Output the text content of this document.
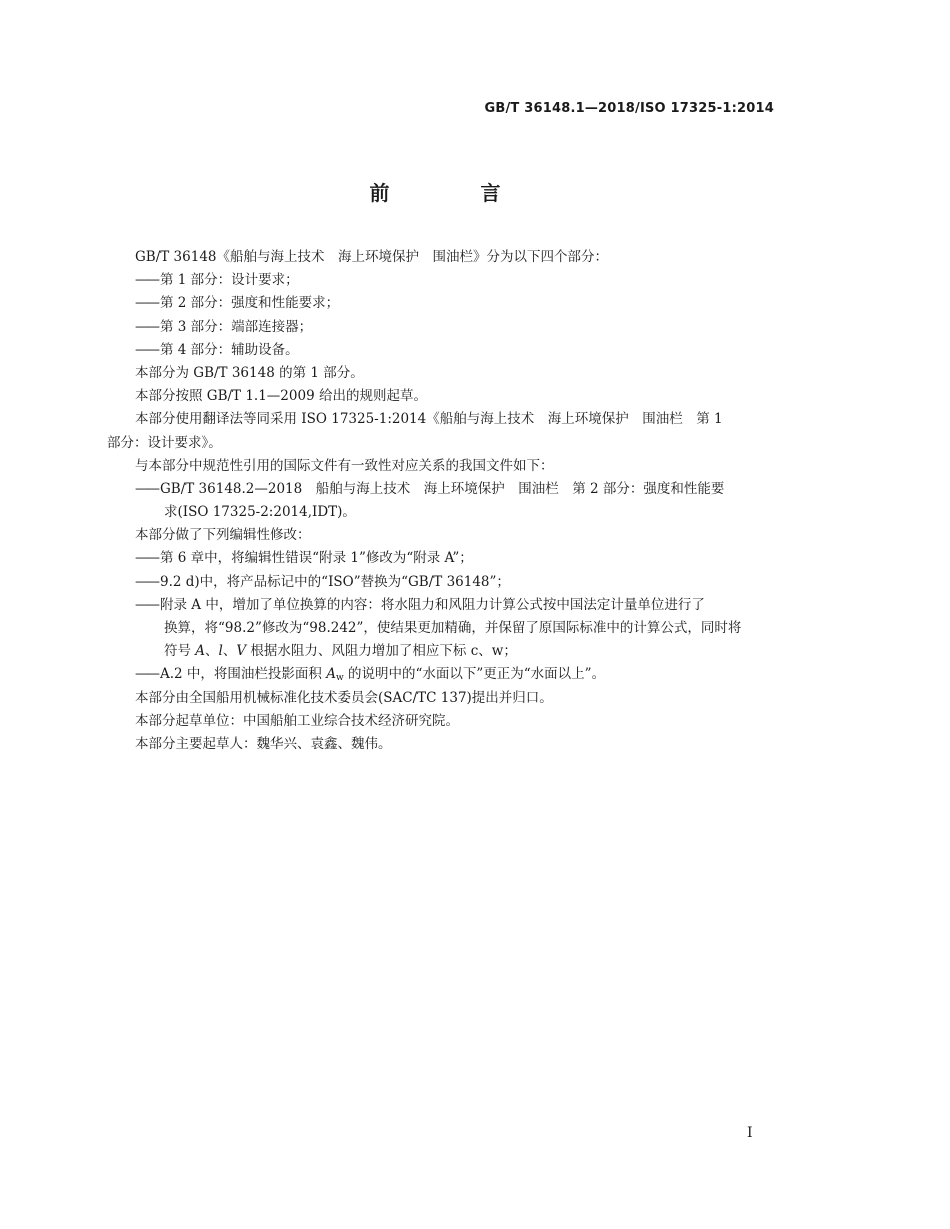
GB/T 36148.1—2018/ISO 17325-1:2014
前 言
GB/T 36148《船舶与海上技术　海上环境保护　围油栏》分为以下四个部分：
—— 第 1 部分：设计要求；
—— 第 2 部分：强度和性能要求；
—— 第 3 部分：端部连接器；
—— 第 4 部分：辅助设备。
本部分为 GB/T 36148 的第 1 部分。
本部分按照 GB/T 1.1—2009 给出的规则起草。
本部分使用翻译法等同采用 ISO 17325-1:2014《船舶与海上技术　海上环境保护　围油栏　第 1
部分：设计要求》。
与本部分中规范性引用的国际文件有一致性对应关系的我国文件如下：
—— GB/T 36148.2—2018　船舶与海上技术　海上环境保护　围油栏　第 2 部分：强度和性能要
求(ISO 17325-2:2014,IDT)。
本部分做了下列编辑性修改：
—— 第 6 章中，将编辑性错误“附录 1”修改为“附录 A”；
—— 9.2 d)中，将产品标记中的“ISO”替换为“GB/T 36148”；
—— 附录 A 中，增加了单位换算的内容：将水阻力和风阻力计算公式按中国法定计量单位进行了
换算，将“98.2”修改为“98.242”，使结果更加精确，并保留了原国际标准中的计算公式，同时将
符号 A、l、V 根据水阻力、风阻力增加了相应下标 c、w；
—— A.2 中，将围油栏投影面积 $A_w$ 的说明中的“水面以下”更正为“水面以上”。
本部分由全国船用机械标准化技术委员会(SAC/TC 137)提出并归口。
本部分起草单位：中国船舶工业综合技术经济研究院。
本部分主要起草人：魏华兴、袁鑫、魏伟。
I
